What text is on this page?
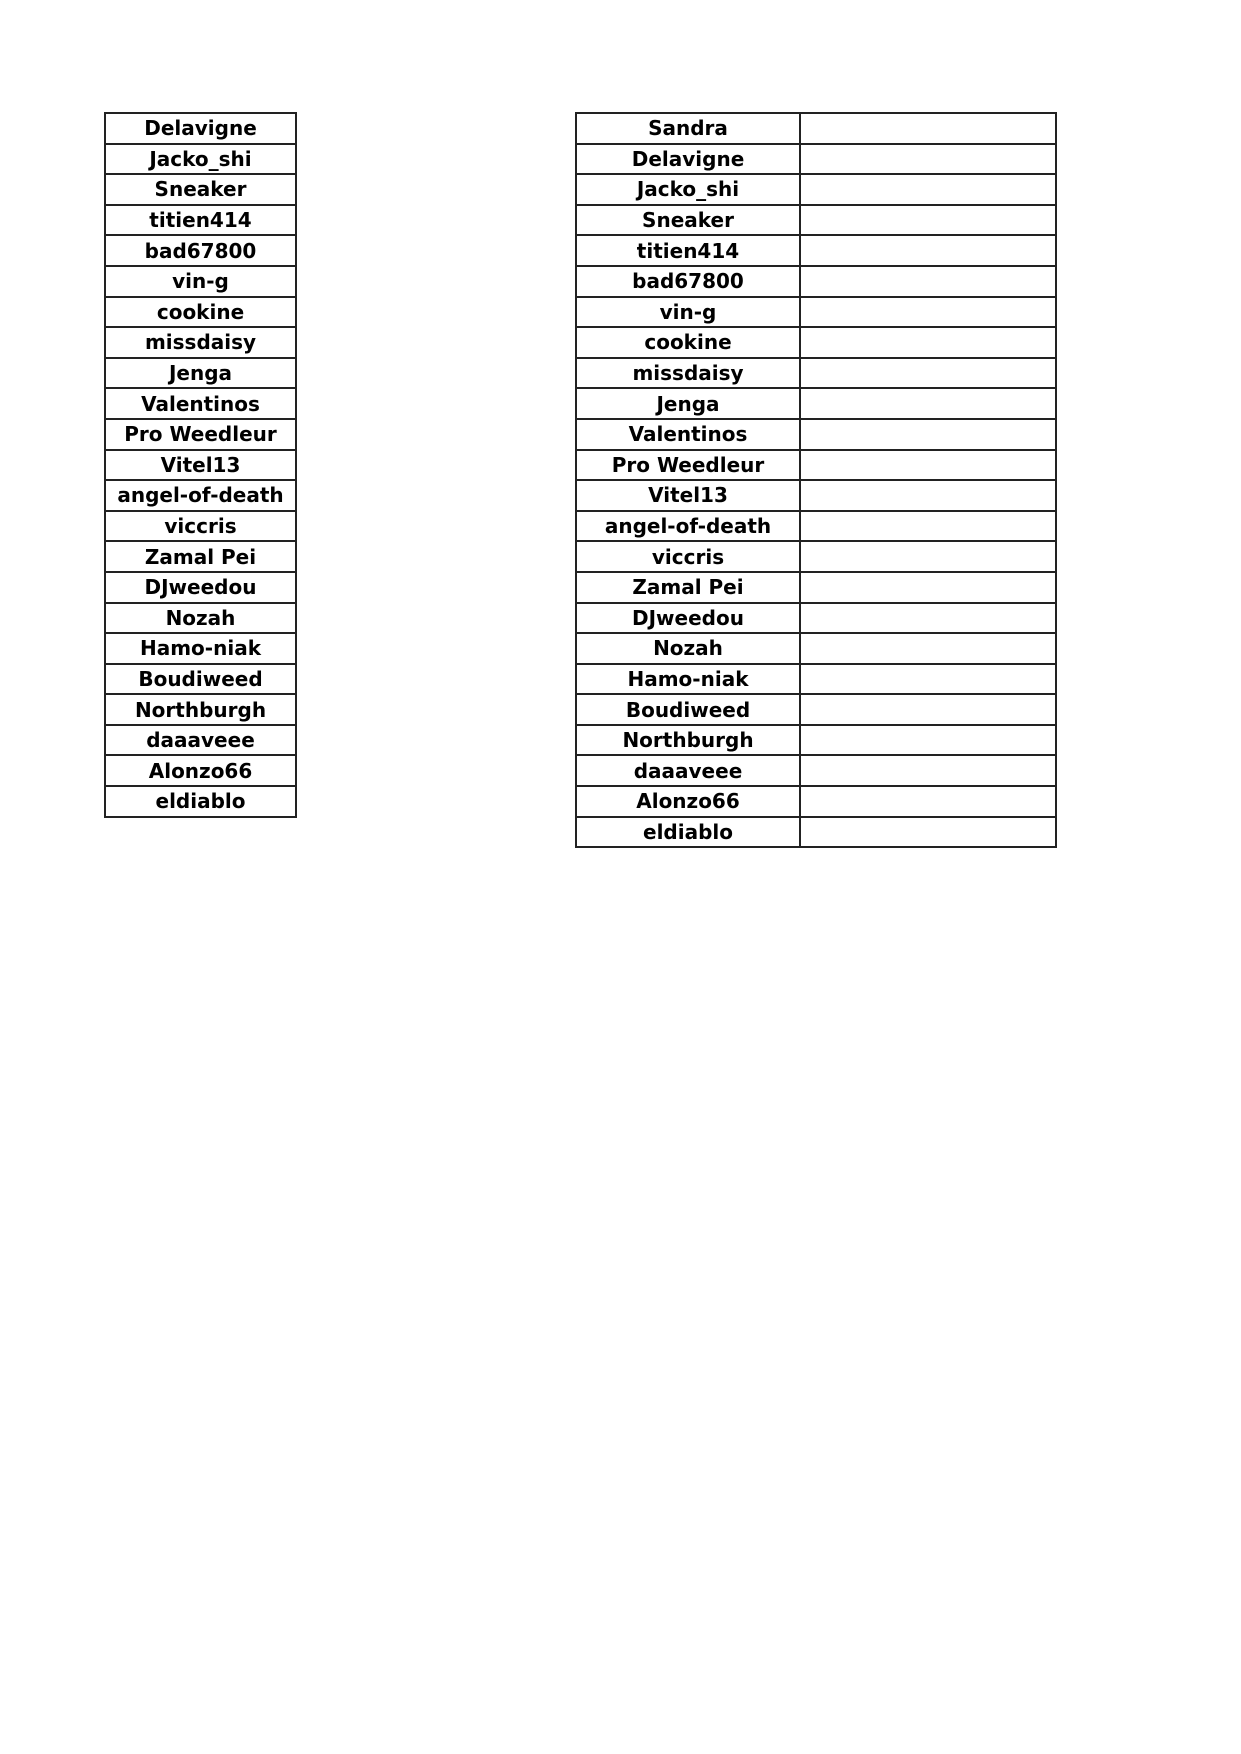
Delavigne
Jacko_shi
Sneaker
titien414
bad67800
vin-g
cookine
missdaisy
Jenga
Valentinos
Pro Weedleur
Vitel13
angel-of-death
viccris
Zamal Pei
DJweedou
Nozah
Hamo-niak
Boudiweed
Northburgh
daaaveee
Alonzo66
eldiablo
Sandra	
Delavigne	
Jacko_shi	
Sneaker	
titien414	
bad67800	
vin-g	
cookine	
missdaisy	
Jenga	
Valentinos	
Pro Weedleur	
Vitel13	
angel-of-death	
viccris	
Zamal Pei	
DJweedou	
Nozah	
Hamo-niak	
Boudiweed	
Northburgh	
daaaveee	
Alonzo66	
eldiablo	
